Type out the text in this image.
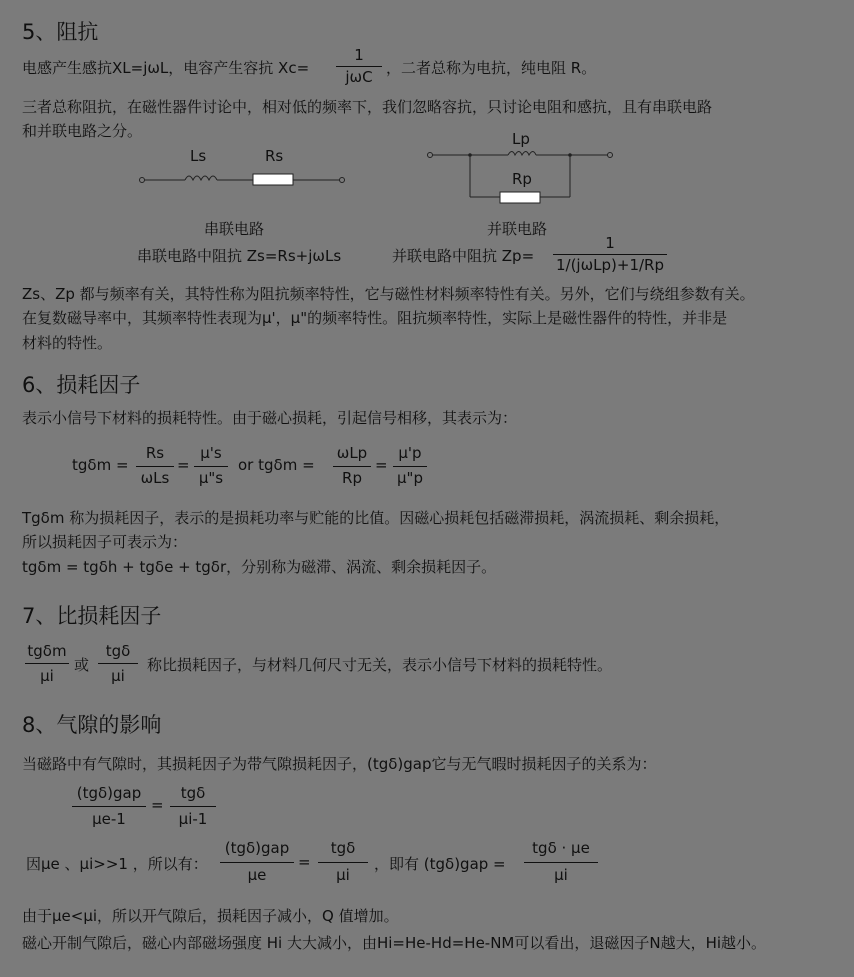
5、阻抗
电感产生感抗XL=jωL，电容产生容抗 Xc=
1
jωC ，二者总称为电抗，纯电阻 R。
三者总称阻抗，在磁性器件讨论中，相对低的频率下，我们忽略容抗，只讨论电阻和感抗，且有串联电路
和并联电路之分。
Ls	Rs
Lp
Rp
串联电路	并联电路
串联电路中阻抗 Zs=Rs+jωLs	并联电路中阻抗 Zp=
1
1/(jωLp)+1/Rp
Zs、Zp 都与频率有关，其特性称为阻抗频率特性，它与磁性材料频率特性有关。另外，它们与绕组参数有关。
在复数磁导率中，其频率特性表现为μ'，μ"的频率特性。阻抗频率特性，实际上是磁性器件的特性，并非是
材料的特性。
6、损耗因子
表示小信号下材料的损耗特性。由于磁心损耗，引起信号相移，其表示为：
tgδm =
Rs
ωLs
=
μ's
μ"s
or tgδm =
ωLp
Rp
=
μ'p
μ"p
Tgδm 称为损耗因子，表示的是损耗功率与贮能的比值。因磁心损耗包括磁滞损耗，涡流损耗、剩余损耗，
所以损耗因子可表示为：
tgδm = tgδh + tgδe + tgδr，分别称为磁滞、涡流、剩余损耗因子。
7、比损耗因子
tgδm
μi
或
tgδ
μi
称比损耗因子，与材料几何尺寸无关，表示小信号下材料的损耗特性。
8、气隙的影响
当磁路中有气隙时，其损耗因子为带气隙损耗因子，(tgδ)gap它与无气暇时损耗因子的关系为：
(tgδ)gap
μe-1
=
tgδ
μi-1
因μe 、μi>>1 ，所以有：
(tgδ)gap
μe
=
tgδ
μi
，即有 (tgδ)gap =
tgδ · μe
μi
由于μe<μi，所以开气隙后，损耗因子减小，Q 值增加。
磁心开制气隙后，磁心内部磁场强度 Hi 大大减小，由Hi=He-Hd=He-NM可以看出，退磁因子N越大，Hi越小。
